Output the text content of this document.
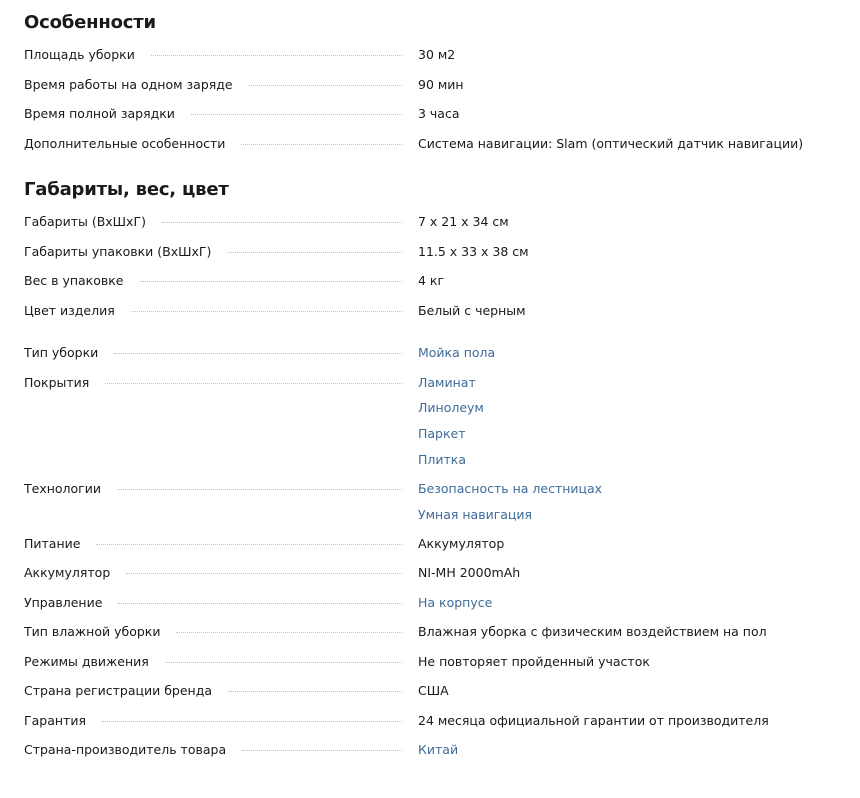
Особенности
Площадь уборки	30 м2
Время работы на одном заряде	90 мин
Время полной зарядки	3 часа
Дополнительные особенности	Система навигации: Slam (оптический датчик навигации)
Габариты, вес, цвет
Габариты (ВхШхГ)	7 x 21 x 34 см
Габариты упаковки (ВхШхГ)	11.5 x 33 x 38 см
Вес в упаковке	4 кг
Цвет изделия	Белый с черным
Тип уборки	Мойка пола
Покрытия	Ламинат
Линолеум
Паркет
Плитка
Технологии	Безопасность на лестницах
Умная навигация
Питание	Аккумулятор
Аккумулятор	NI-MH 2000mAh
Управление	На корпусе
Тип влажной уборки	Влажная уборка с физическим воздействием на пол
Режимы движения	Не повторяет пройденный участок
Страна регистрации бренда	США
Гарантия	24 месяца официальной гарантии от производителя
Страна-производитель товара	Китай
